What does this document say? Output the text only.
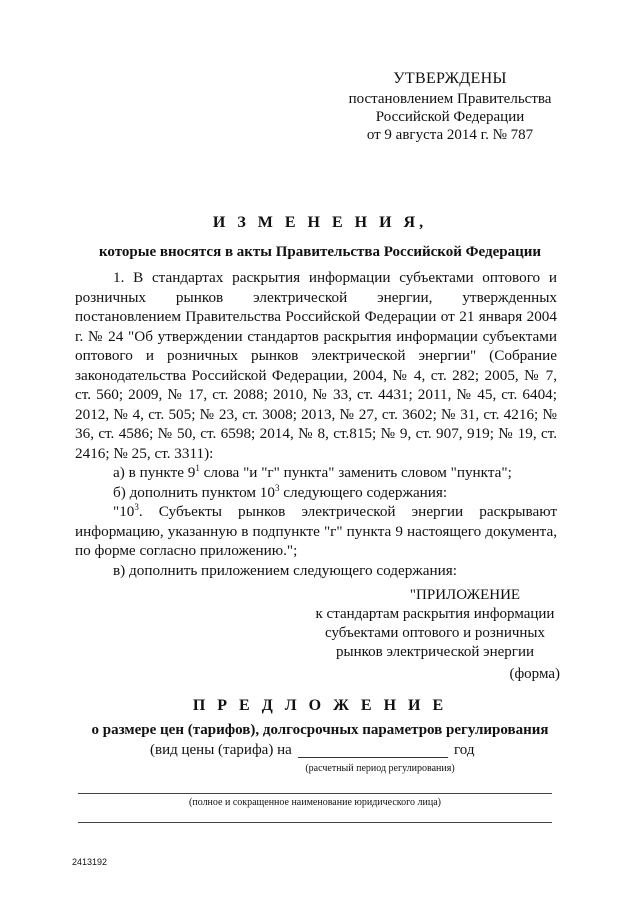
УТВЕРЖДЕНЫ
постановлением Правительства
Российской Федерации
от 9 августа 2014 г. № 787
И З М Е Н Е Н И Я,
которые вносятся в акты Правительства Российской Федерации

1. В стандартах раскрытия информации субъектами оптового и розничных рынков электрической энергии, утвержденных постановлением Правительства Российской Федерации от 21 января 2004 г. № 24 "Об утверждении стандартов раскрытия информации субъектами оптового и розничных рынков электрической энергии" (Собрание законодательства Российской Федерации, 2004, № 4, ст. 282; 2005, № 7, ст. 560; 2009, № 17, ст. 2088; 2010, № 33, ст. 4431; 2011, № 45, ст. 6404; 2012, № 4, ст. 505; № 23, ст. 3008; 2013, № 27, ст. 3602; № 31, ст. 4216; № 36, ст. 4586; № 50, ст. 6598; 2014, № 8, ст.815; № 9, ст. 907, 919; № 19, ст. 2416; № 25, ст. 3311):

а) в пункте $9^1$ слова "и "г" пункта" заменить словом "пункта";

б) дополнить пунктом $10^3$ следующего содержания:

"$10^3$. Субъекты рынков электрической энергии раскрывают информацию, указанную в подпункте "г" пункта 9 настоящего документа, по форме согласно приложению.";

в) дополнить приложением следующего содержания:

"ПРИЛОЖЕНИЕ
к стандартам раскрытия информации
субъектами оптового и розничных
рынков электрической энергии
(форма)
П Р Е Д Л О Ж Е Н И Е
о размере цен (тарифов), долгосрочных параметров регулирования
(вид цены (тарифа) на	год
(расчетный период регулирования)
(полное и сокращенное наименование юридического лица)
2413192
